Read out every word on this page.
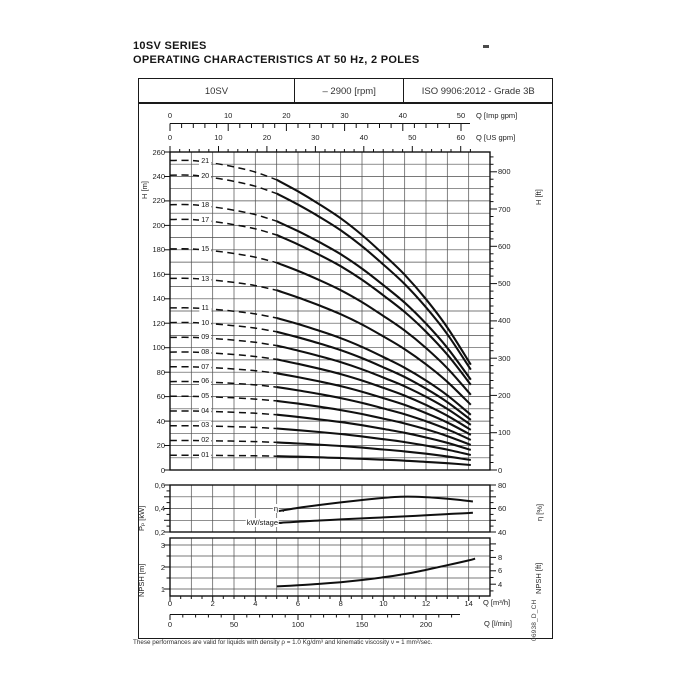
10SV SERIES
OPERATING CHARACTERISTICS AT 50 Hz, 2 POLES
10SV	– 2900 [rpm]	ISO 9906:2012 - Grade 3B
0	10	20	30	40	50
0	10	20	30	40	50	60
260
240
220
200
180
160
140
120
100
80
60
40
20
0
800
700
600
500
400
300
200
100
0
0,6
0,4
0,2
80
60
40
3
2
1
8
6
4
0	2	4	6	8	10	12	14
0	50	100	150	200
21
20
18
17
15
13
11
10
09
08
07
06
05
04
03
02
01
Q [Imp gpm]
Q [US gpm]
Q [m³/h]
Q [l/min]
H [m]	H [ft]
Pₚ [kW]	η [%]
NPSH [m]	NPSH [ft]
η
kW/stage
These performances are valid for liquids with density ρ = 1.0 Kg/dm³ and kinematic viscosity ν = 1 mm²/sec.
06938_D_CH
